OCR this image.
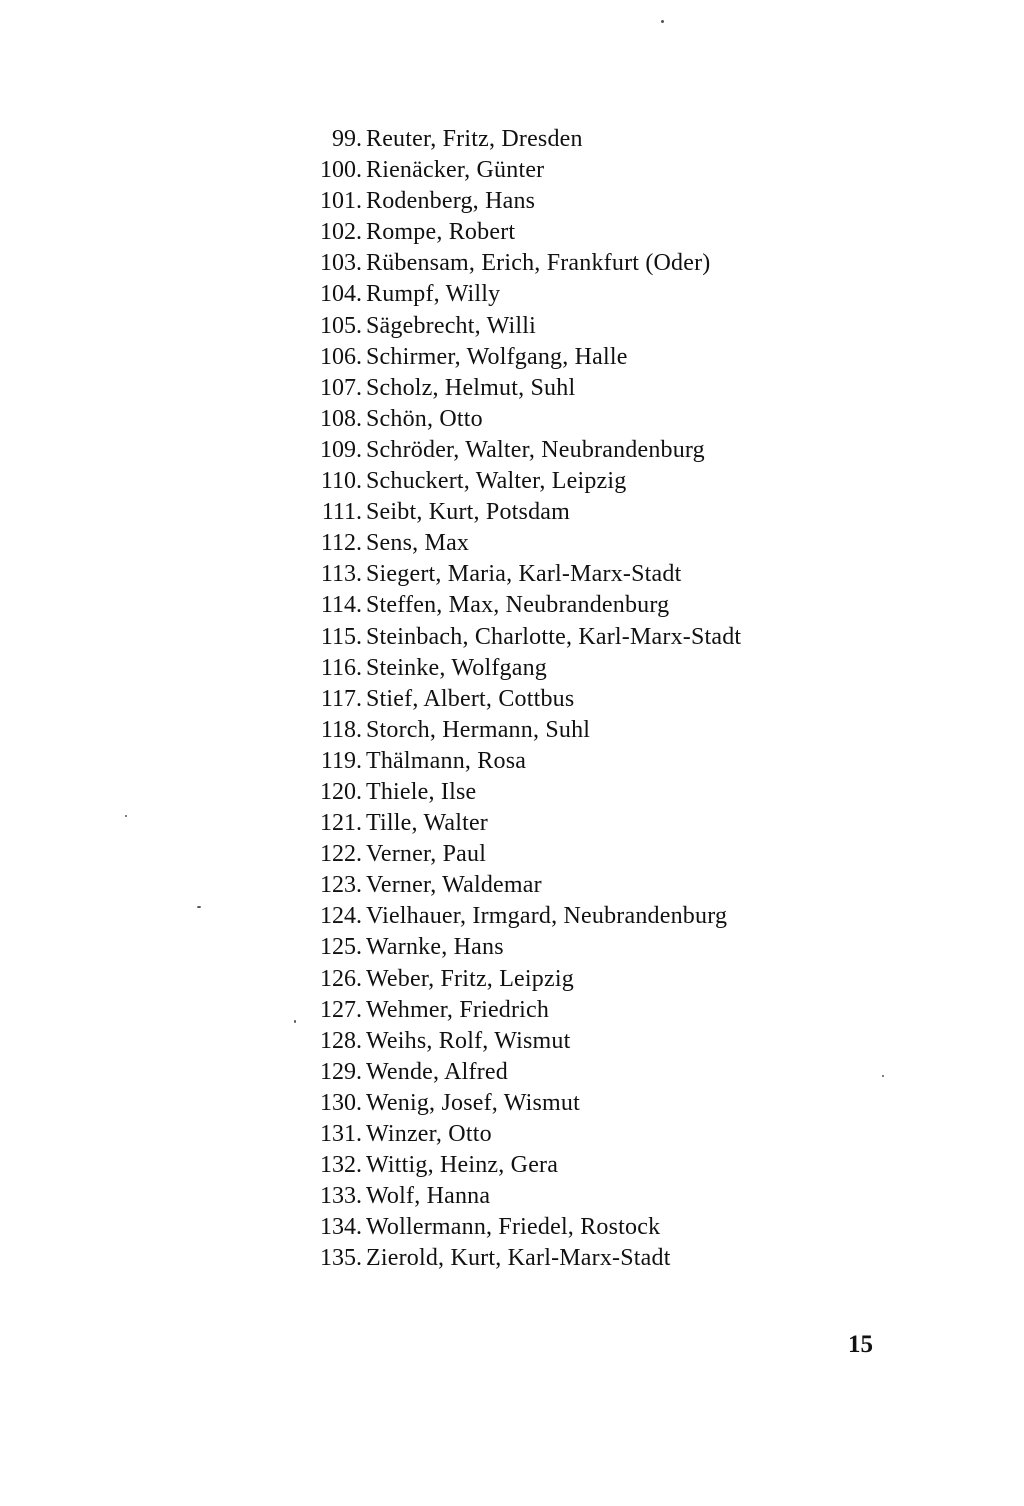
99. Reuter, Fritz, Dresden
100. Rienäcker, Günter
101. Rodenberg, Hans
102. Rompe, Robert
103. Rübensam, Erich, Frankfurt (Oder)
104. Rumpf, Willy
105. Sägebrecht, Willi
106. Schirmer, Wolfgang, Halle
107. Scholz, Helmut, Suhl
108. Schön, Otto
109. Schröder, Walter, Neubrandenburg
110. Schuckert, Walter, Leipzig
111. Seibt, Kurt, Potsdam
112. Sens, Max
113. Siegert, Maria, Karl-Marx-Stadt
114. Steffen, Max, Neubrandenburg
115. Steinbach, Charlotte, Karl-Marx-Stadt
116. Steinke, Wolfgang
117. Stief, Albert, Cottbus
118. Storch, Hermann, Suhl
119. Thälmann, Rosa
120. Thiele, Ilse
121. Tille, Walter
122. Verner, Paul
123. Verner, Waldemar
124. Vielhauer, Irmgard, Neubrandenburg
125. Warnke, Hans
126. Weber, Fritz, Leipzig
127. Wehmer, Friedrich
128. Weihs, Rolf, Wismut
129. Wende, Alfred
130. Wenig, Josef, Wismut
131. Winzer, Otto
132. Wittig, Heinz, Gera
133. Wolf, Hanna
134. Wollermann, Friedel, Rostock
135. Zierold, Kurt, Karl-Marx-Stadt
15
